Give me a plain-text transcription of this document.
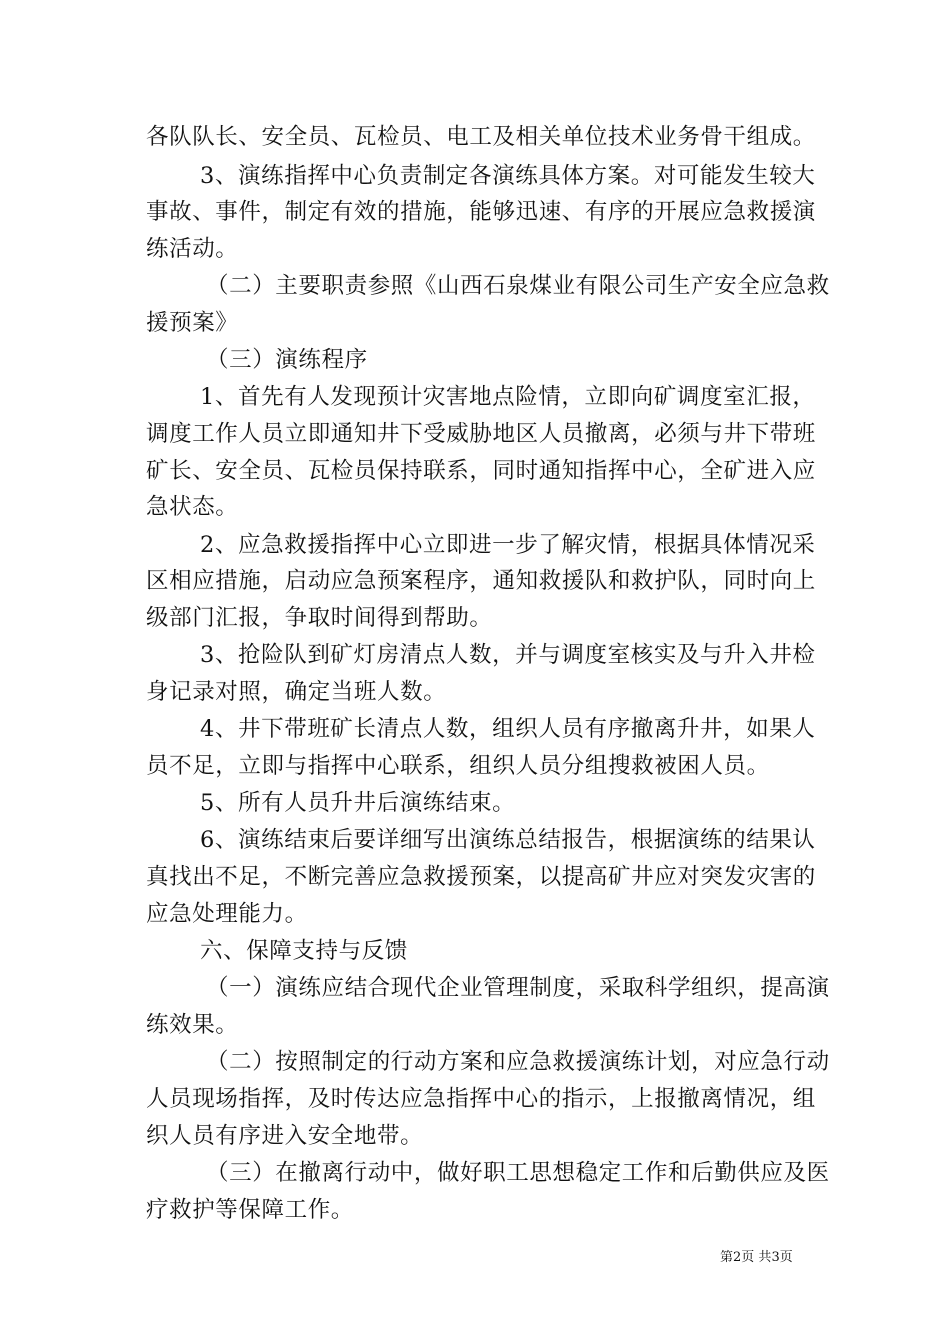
各队队长、安全员、瓦检员、电工及相关单位技术业务骨干组成。
3、演练指挥中心负责制定各演练具体方案。对可能发生较大
事故、事件，制定有效的措施，能够迅速、有序的开展应急救援演
练活动。
（二）主要职责参照《山西石泉煤业有限公司生产安全应急救
援预案》
（三）演练程序
1、首先有人发现预计灾害地点险情，立即向矿调度室汇报，
调度工作人员立即通知井下受威胁地区人员撤离，必须与井下带班
矿长、安全员、瓦检员保持联系，同时通知指挥中心，全矿进入应
急状态。
2、应急救援指挥中心立即进一步了解灾情，根据具体情况采
区相应措施，启动应急预案程序，通知救援队和救护队，同时向上
级部门汇报，争取时间得到帮助。
3、抢险队到矿灯房清点人数，并与调度室核实及与升入井检
身记录对照，确定当班人数。
4、井下带班矿长清点人数，组织人员有序撤离升井，如果人
员不足，立即与指挥中心联系，组织人员分组搜救被困人员。
5、所有人员升井后演练结束。
6、演练结束后要详细写出演练总结报告，根据演练的结果认
真找出不足，不断完善应急救援预案，以提高矿井应对突发灾害的
应急处理能力。
六、保障支持与反馈
（一）演练应结合现代企业管理制度，采取科学组织，提高演
练效果。
（二）按照制定的行动方案和应急救援演练计划，对应急行动
人员现场指挥，及时传达应急指挥中心的指示，上报撤离情况，组
织人员有序进入安全地带。
（三）在撤离行动中，做好职工思想稳定工作和后勤供应及医
疗救护等保障工作。
第2页 共3页
